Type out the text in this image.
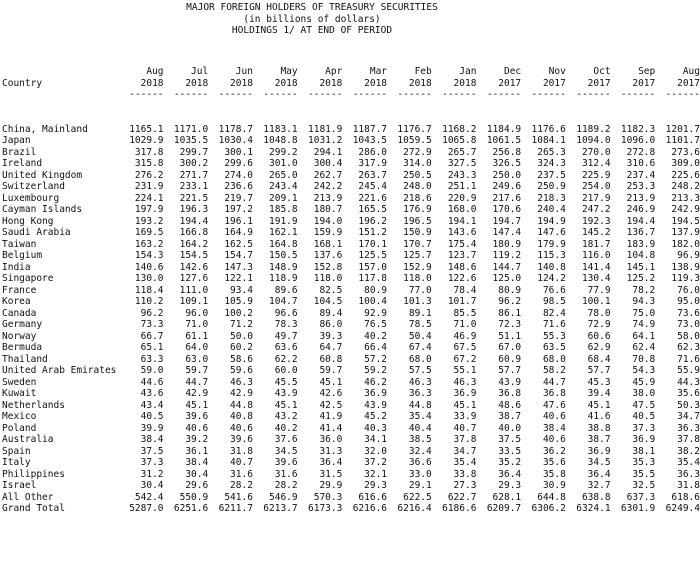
MAJOR FOREIGN HOLDERS OF TREASURY SECURITIES
(in billions of dollars)
HOLDINGS 1/ AT END OF PERIOD
	Aug	Jul	Jun	May	Apr	Mar	Feb	Jan	Dec	Nov	Oct	Sep	Aug
Country	2018	2018	2018	2018	2018	2018	2018	2018	2017	2017	2017	2017	2017
	------	------	------	------	------	------	------	------	------	------	------	------	------

China, Mainland	1165.1	1171.0	1178.7	1183.1	1181.9	1187.7	1176.7	1168.2	1184.9	1176.6	1189.2	1182.3	1201.7
Japan	1029.9	1035.5	1030.4	1048.8	1031.2	1043.5	1059.5	1065.8	1061.5	1084.1	1094.0	1096.0	1101.7
Brazil	317.8	299.7	300.1	299.2	294.1	286.0	272.9	265.7	256.8	265.3	270.0	272.8	273.6
Ireland	315.8	300.2	299.6	301.0	300.4	317.9	314.0	327.5	326.5	324.3	312.4	310.6	309.0
United Kingdom	276.2	271.7	274.0	265.0	262.7	263.7	250.5	243.3	250.0	237.5	225.9	237.4	225.6
Switzerland	231.9	233.1	236.6	243.4	242.2	245.4	248.0	251.1	249.6	250.9	254.0	253.3	248.2
Luxembourg	224.1	221.5	219.7	209.1	213.9	221.6	218.6	220.9	217.6	218.3	217.9	213.9	213.3
Cayman Islands	197.9	196.3	197.2	185.8	180.7	165.5	176.9	168.0	170.6	240.4	247.2	246.9	242.9
Hong Kong	193.2	194.4	196.1	191.9	194.0	196.2	196.5	194.1	194.7	194.9	192.3	194.4	194.5
Saudi Arabia	169.5	166.8	164.9	162.1	159.9	151.2	150.9	143.6	147.4	147.6	145.2	136.7	137.9
Taiwan	163.2	164.2	162.5	164.8	168.1	170.1	170.7	175.4	180.9	179.9	181.7	183.9	182.0
Belgium	154.3	154.5	154.7	150.5	137.6	125.5	125.7	123.7	119.2	115.3	116.0	104.8	96.9
India	140.6	142.6	147.3	148.9	152.8	157.0	152.9	148.6	144.7	140.8	141.4	145.1	138.9
Singapore	130.0	127.6	122.1	118.9	118.0	117.8	118.0	122.6	125.0	124.2	130.4	125.2	119.3
France	118.4	111.0	93.4	89.6	82.5	80.9	77.0	78.4	80.9	76.6	77.9	78.2	76.0
Korea	110.2	109.1	105.9	104.7	104.5	100.4	101.3	101.7	96.2	98.5	100.1	94.3	95.0
Canada	96.2	96.0	100.2	96.6	89.4	92.9	89.1	85.5	86.1	82.4	78.0	75.0	73.6
Germany	73.3	71.0	71.2	78.3	86.0	76.5	78.5	71.0	72.3	71.6	72.9	74.9	73.0
Norway	66.7	61.1	50.0	49.7	39.3	40.2	50.4	46.9	51.1	55.3	60.6	64.1	58.0
Bermuda	65.1	64.0	60.2	63.6	64.7	66.4	67.4	67.5	67.0	63.5	62.9	62.4	62.3
Thailand	63.3	63.0	58.6	62.2	60.8	57.2	68.0	67.2	60.9	68.0	68.4	70.8	71.6
United Arab Emirates	59.0	59.7	59.6	60.0	59.7	59.2	57.5	55.1	57.7	58.2	57.7	54.3	55.9
Sweden	44.6	44.7	46.3	45.5	45.1	46.2	46.3	46.3	43.9	44.7	45.3	45.9	44.3
Kuwait	43.6	42.9	42.9	43.9	42.6	36.9	36.3	36.9	36.8	36.8	39.4	38.0	35.6
Netherlands	43.4	45.1	44.8	45.1	42.5	43.9	44.8	45.1	48.6	47.6	45.1	47.5	50.3
Mexico	40.5	39.6	40.8	43.2	41.9	45.2	35.4	33.9	38.7	40.6	41.6	40.5	34.7
Poland	39.9	40.6	40.6	40.2	41.4	40.3	40.4	40.7	40.0	38.4	38.8	37.3	36.3
Australia	38.4	39.2	39.6	37.6	36.0	34.1	38.5	37.8	37.5	40.6	38.7	36.9	37.8
Spain	37.5	36.1	31.8	34.5	31.3	32.0	32.4	34.7	33.5	36.2	36.9	38.1	38.2
Italy	37.3	38.4	40.7	39.6	36.4	37.2	36.6	35.4	35.2	35.6	34.5	35.3	35.4
Philippines	31.2	30.4	31.6	31.6	31.5	32.1	33.0	33.8	36.4	35.8	36.4	35.5	36.3
Israel	30.4	29.6	28.2	28.2	29.9	29.3	29.1	27.3	29.3	30.9	32.7	32.5	31.8
All Other	542.4	550.9	541.6	546.9	570.3	616.6	622.5	622.7	628.1	644.8	638.8	637.3	618.6
Grand Total	5287.0	6251.6	6211.7	6213.7	6173.3	6216.6	6216.4	6186.6	6209.7	6306.2	6324.1	6301.9	6249.4
